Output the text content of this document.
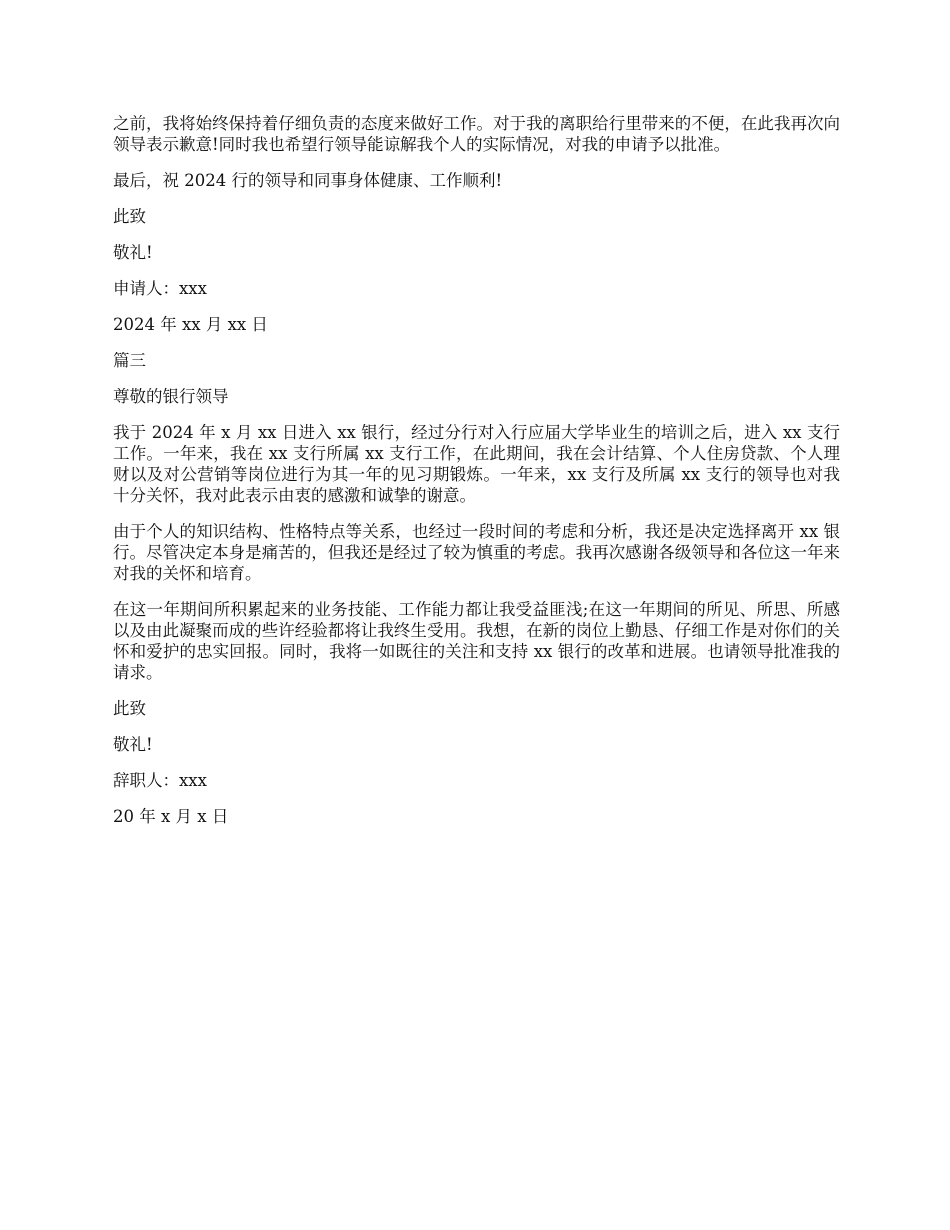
之前，我将始终保持着仔细负责的态度来做好工作。对于我的离职给行里带来的不便，在此我再次向领导表示歉意!同时我也希望行领导能谅解我个人的实际情况，对我的申请予以批准。

最后，祝 2024 行的领导和同事身体健康、工作顺利!

此致

敬礼!

申请人：xxx

2024 年 xx 月 xx 日

篇三

尊敬的银行领导

我于 2024 年 x 月 xx 日进入 xx 银行，经过分行对入行应届大学毕业生的培训之后，进入 xx 支行工作。一年来，我在 xx 支行所属 xx 支行工作，在此期间，我在会计结算、个人住房贷款、个人理财以及对公营销等岗位进行为其一年的见习期锻炼。一年来，xx 支行及所属 xx 支行的领导也对我十分关怀，我对此表示由衷的感激和诚挚的谢意。

由于个人的知识结构、性格特点等关系，也经过一段时间的考虑和分析，我还是决定选择离开 xx 银行。尽管决定本身是痛苦的，但我还是经过了较为慎重的考虑。我再次感谢各级领导和各位这一年来对我的关怀和培育。

在这一年期间所积累起来的业务技能、工作能力都让我受益匪浅;在这一年期间的所见、所思、所感以及由此凝聚而成的些许经验都将让我终生受用。我想，在新的岗位上勤恳、仔细工作是对你们的关怀和爱护的忠实回报。同时，我将一如既往的关注和支持 xx 银行的改革和进展。也请领导批准我的请求。

此致

敬礼!

辞职人：xxx

20 年 x 月 x 日
